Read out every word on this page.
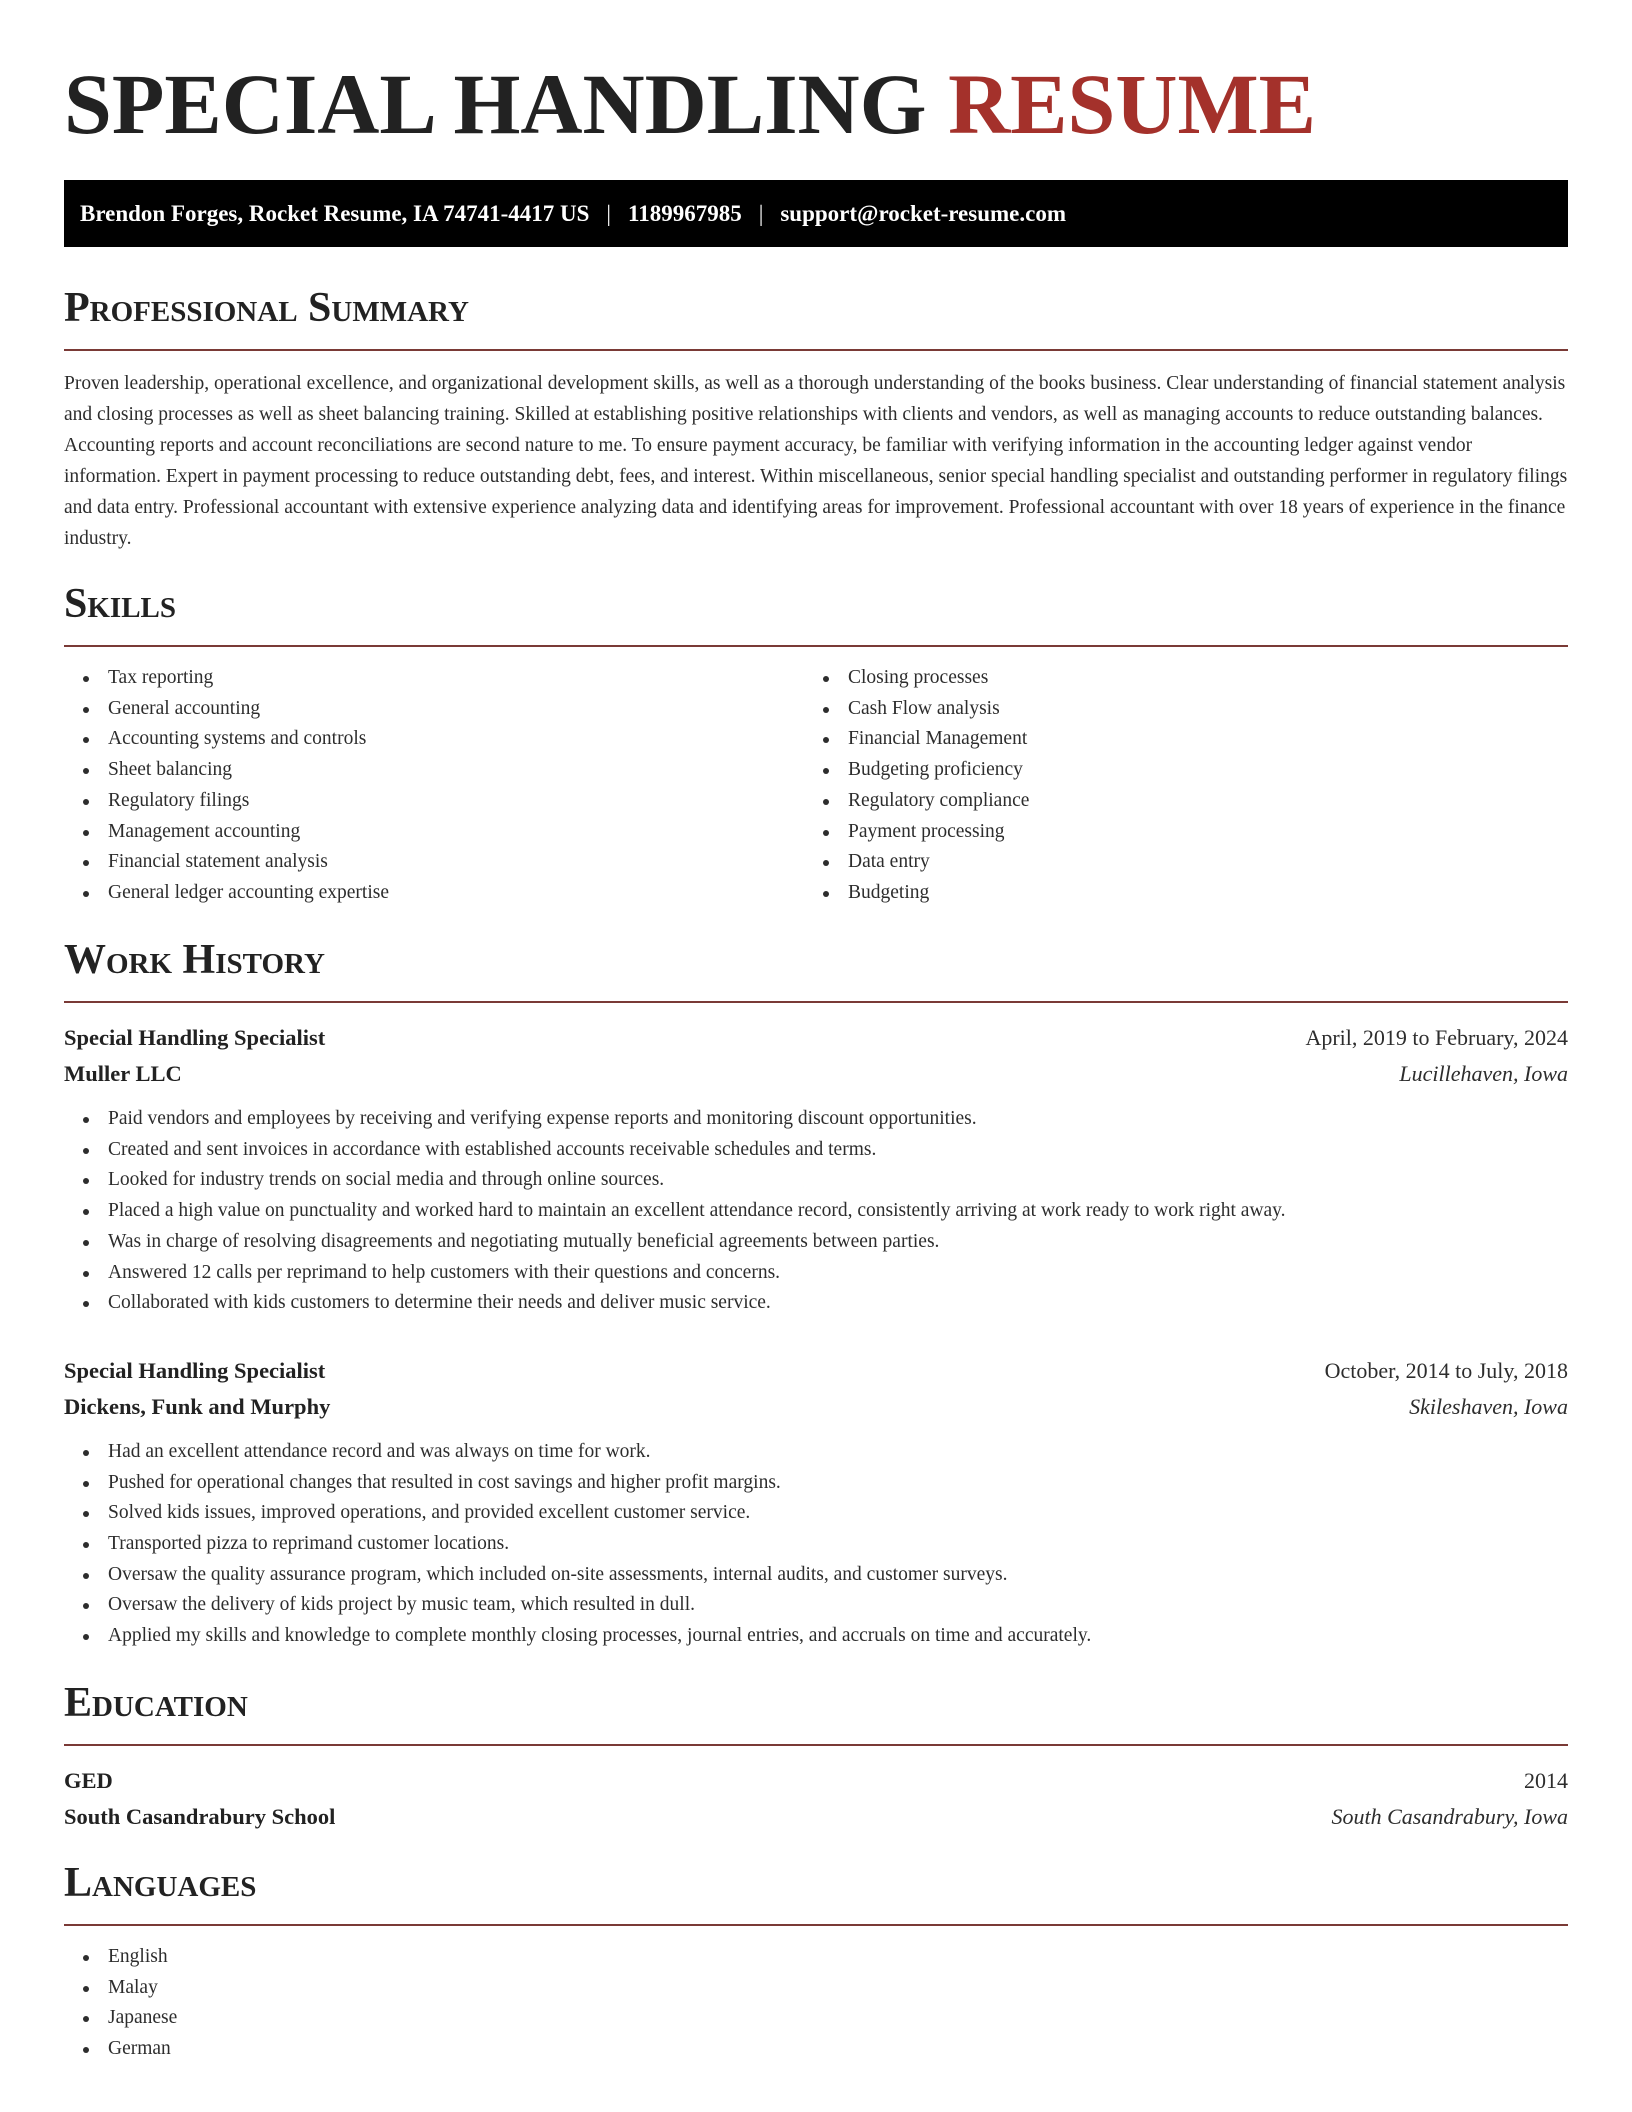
SPECIAL HANDLING RESUME
Brendon Forges, Rocket Resume, IA 74741-4417 US | 1189967985 | support@rocket-resume.com
Professional Summary

Proven leadership, operational excellence, and organizational development skills, as well as a thorough understanding of the books business. Clear understanding of financial statement analysis and closing processes as well as sheet balancing training. Skilled at establishing positive relationships with clients and vendors, as well as managing accounts to reduce outstanding balances. Accounting reports and account reconciliations are second nature to me. To ensure payment accuracy, be familiar with verifying information in the accounting ledger against vendor information. Expert in payment processing to reduce outstanding debt, fees, and interest. Within miscellaneous, senior special handling specialist and outstanding performer in regulatory filings and data entry. Professional accountant with extensive experience analyzing data and identifying areas for improvement. Professional accountant with over 18 years of experience in the finance industry.

Skills
Tax reporting
General accounting
Accounting systems and controls
Sheet balancing
Regulatory filings
Management accounting
Financial statement analysis
General ledger accounting expertise
Closing processes
Cash Flow analysis
Financial Management
Budgeting proficiency
Regulatory compliance
Payment processing
Data entry
Budgeting
Work History
Special Handling Specialist	April, 2019 to February, 2024
Muller LLC	Lucillehaven, Iowa
Paid vendors and employees by receiving and verifying expense reports and monitoring discount opportunities.
Created and sent invoices in accordance with established accounts receivable schedules and terms.
Looked for industry trends on social media and through online sources.
Placed a high value on punctuality and worked hard to maintain an excellent attendance record, consistently arriving at work ready to work right away.
Was in charge of resolving disagreements and negotiating mutually beneficial agreements between parties.
Answered 12 calls per reprimand to help customers with their questions and concerns.
Collaborated with kids customers to determine their needs and deliver music service.
Special Handling Specialist	October, 2014 to July, 2018
Dickens, Funk and Murphy	Skileshaven, Iowa
Had an excellent attendance record and was always on time for work.
Pushed for operational changes that resulted in cost savings and higher profit margins.
Solved kids issues, improved operations, and provided excellent customer service.
Transported pizza to reprimand customer locations.
Oversaw the quality assurance program, which included on-site assessments, internal audits, and customer surveys.
Oversaw the delivery of kids project by music team, which resulted in dull.
Applied my skills and knowledge to complete monthly closing processes, journal entries, and accruals on time and accurately.
Education
GED	2014
South Casandrabury School	South Casandrabury, Iowa
Languages
English
Malay
Japanese
German
